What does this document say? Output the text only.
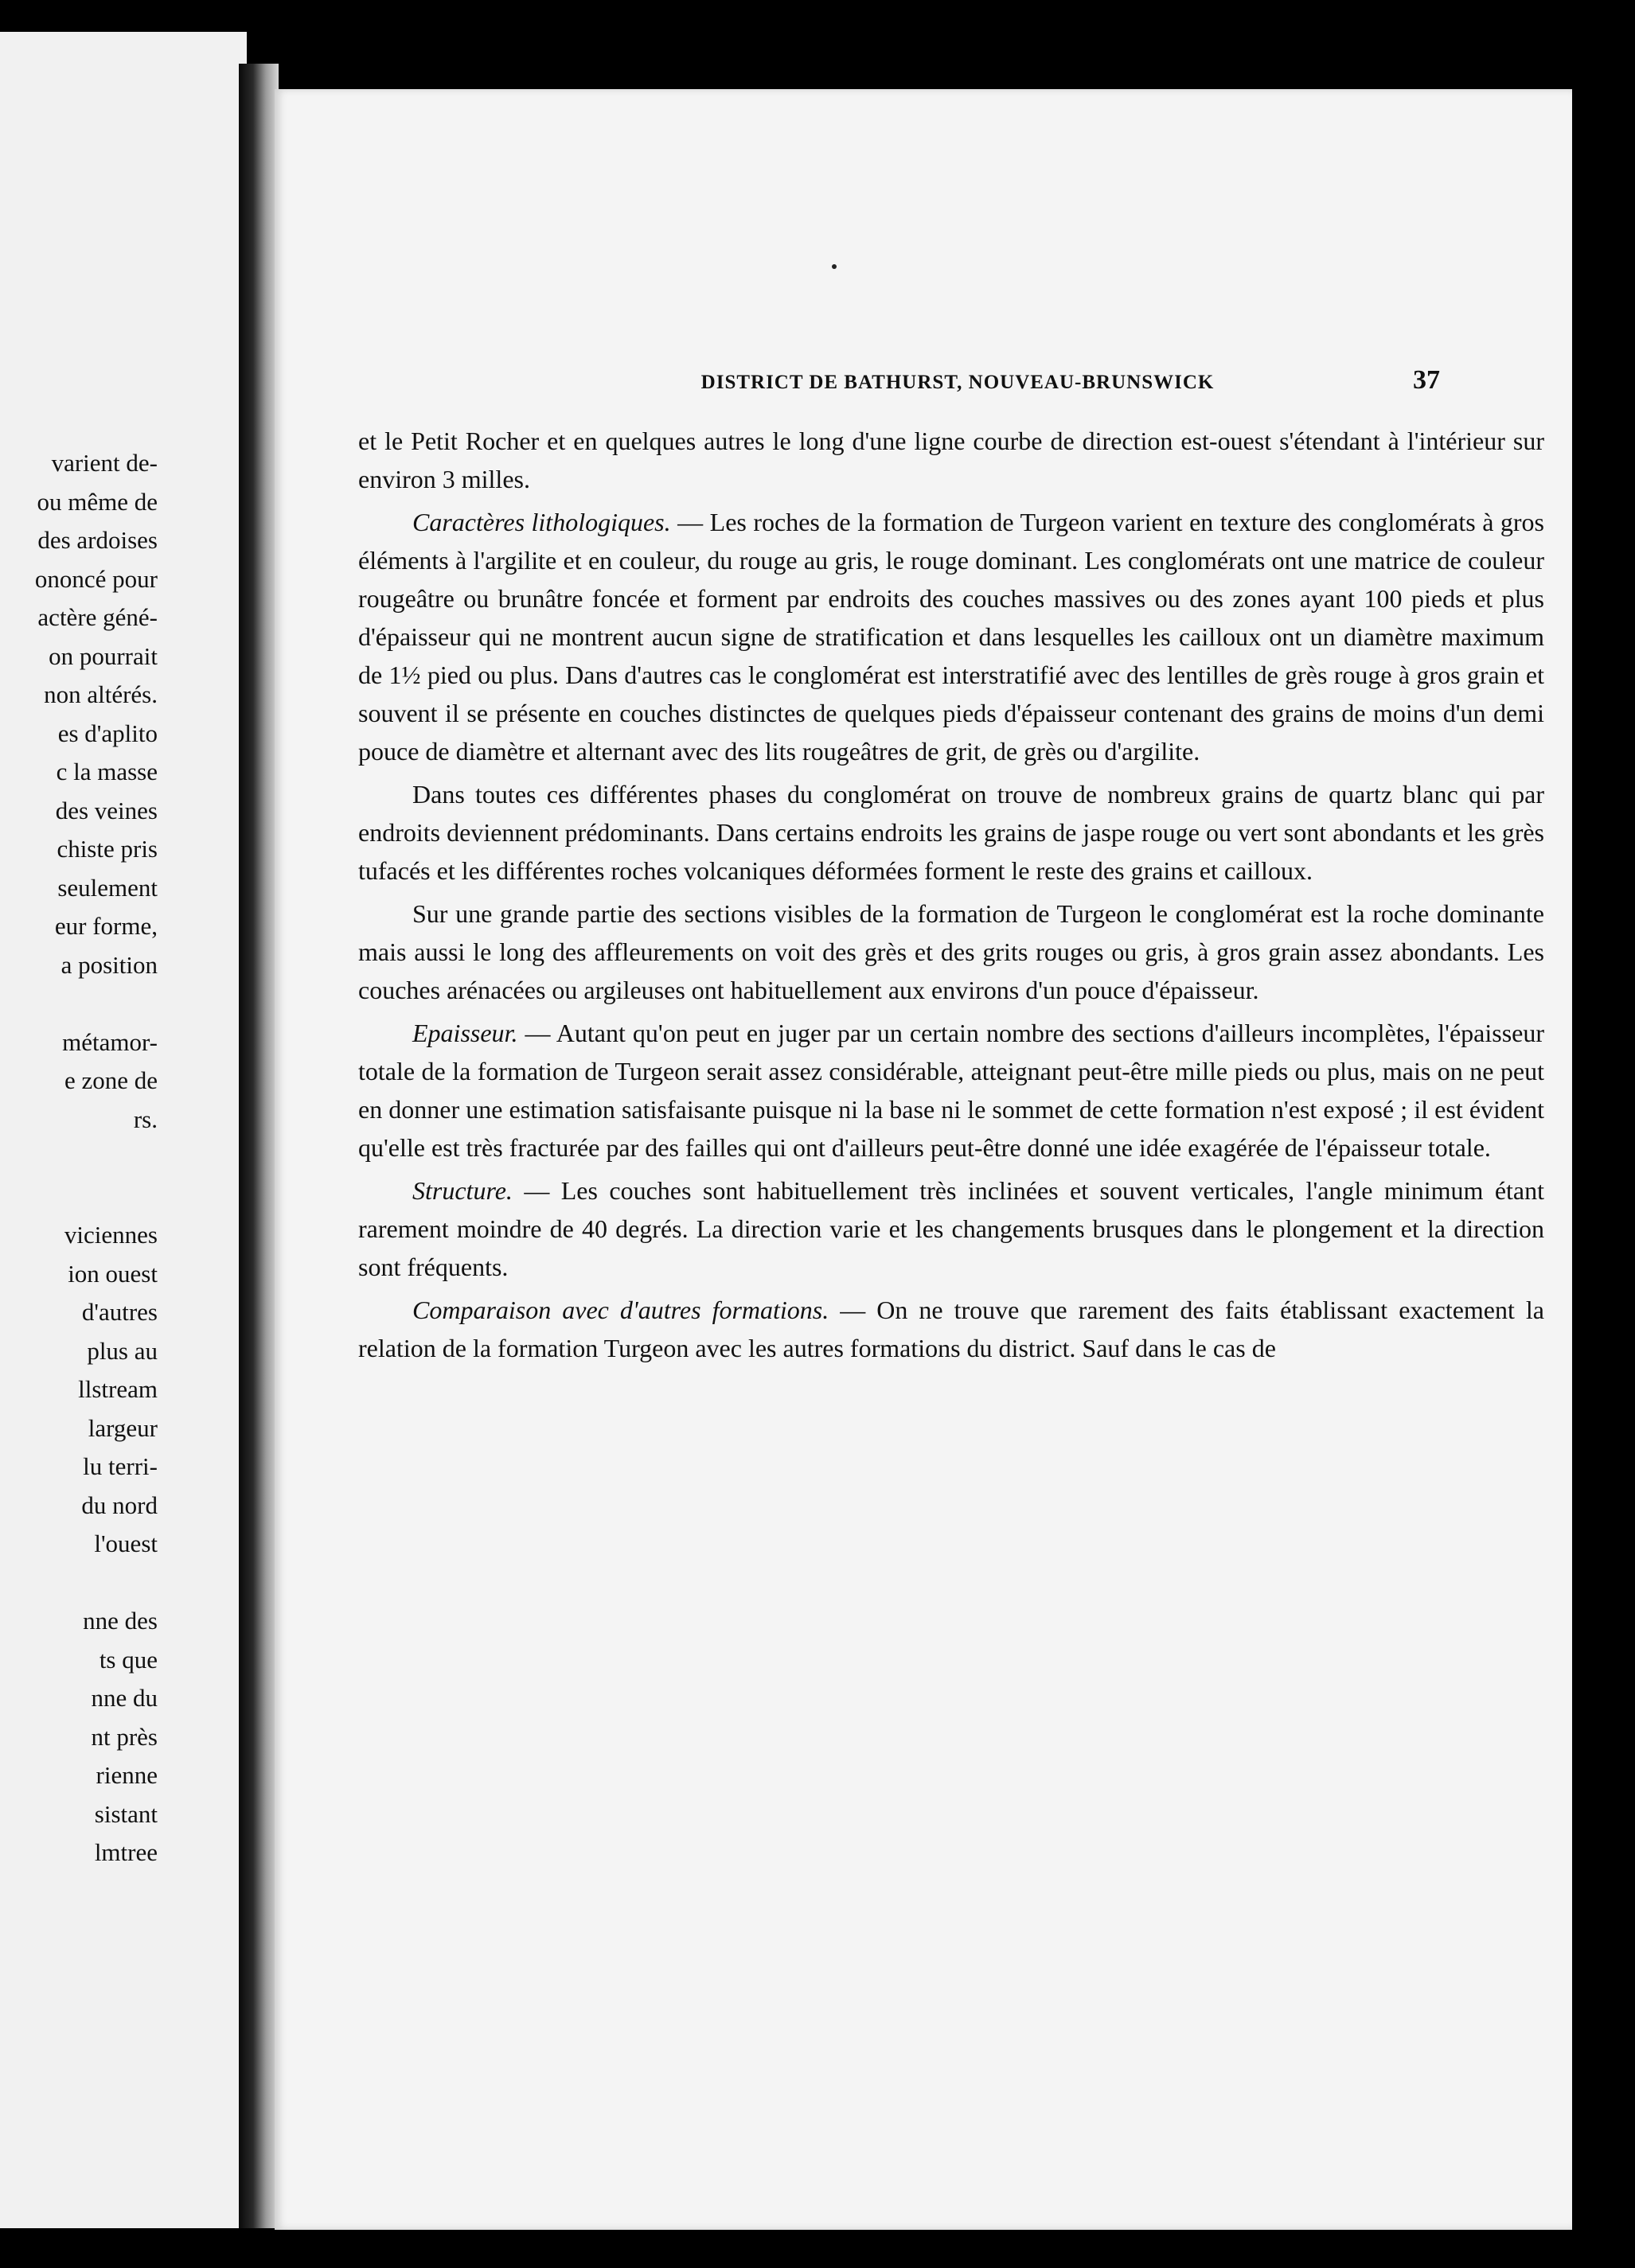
varient de-
ou même de
des ardoises
ononcé pour
actère géné-
on pourrait
non altérés.
es d'aplito
c la masse
des veines
chiste pris
seulement
eur forme,
a position
métamor-
e zone de
rs.
viciennes
ion ouest
d'autres
plus au
llstream
largeur
lu terri-
du nord
l'ouest
nne des
ts que
nne du
nt près
rienne
sistant
lmtree
DISTRICT DE BATHURST, NOUVEAU-BRUNSWICK	37

et le Petit Rocher et en quelques autres le long d'une ligne courbe de direction est-ouest s'étendant à l'intérieur sur environ 3 milles.

Caractères lithologiques. — Les roches de la formation de Turgeon varient en texture des conglomérats à gros éléments à l'argilite et en couleur, du rouge au gris, le rouge dominant. Les conglomérats ont une matrice de couleur rougeâtre ou brunâtre foncée et forment par endroits des couches massives ou des zones ayant 100 pieds et plus d'épaisseur qui ne montrent aucun signe de stratification et dans lesquelles les cailloux ont un diamètre maximum de 1½ pied ou plus. Dans d'autres cas le conglomérat est interstratifié avec des lentilles de grès rouge à gros grain et souvent il se présente en couches distinctes de quelques pieds d'épaisseur contenant des grains de moins d'un demi pouce de diamètre et alternant avec des lits rougeâtres de grit, de grès ou d'argilite.

Dans toutes ces différentes phases du conglomérat on trouve de nombreux grains de quartz blanc qui par endroits deviennent prédominants. Dans certains endroits les grains de jaspe rouge ou vert sont abondants et les grès tufacés et les différentes roches volcaniques déformées forment le reste des grains et cailloux.

Sur une grande partie des sections visibles de la formation de Turgeon le conglomérat est la roche dominante mais aussi le long des affleurements on voit des grès et des grits rouges ou gris, à gros grain assez abondants. Les couches arénacées ou argileuses ont habituellement aux environs d'un pouce d'épaisseur.

Epaisseur. — Autant qu'on peut en juger par un certain nombre des sections d'ailleurs incomplètes, l'épaisseur totale de la formation de Turgeon serait assez considérable, atteignant peut-être mille pieds ou plus, mais on ne peut en donner une estimation satisfaisante puisque ni la base ni le sommet de cette formation n'est exposé ; il est évident qu'elle est très fracturée par des failles qui ont d'ailleurs peut-être donné une idée exagérée de l'épaisseur totale.

Structure. — Les couches sont habituellement très inclinées et souvent verticales, l'angle minimum étant rarement moindre de 40 degrés. La direction varie et les changements brusques dans le plongement et la direction sont fréquents.

Comparaison avec d'autres formations. — On ne trouve que rarement des faits établissant exactement la relation de la formation Turgeon avec les autres formations du district. Sauf dans le cas de
